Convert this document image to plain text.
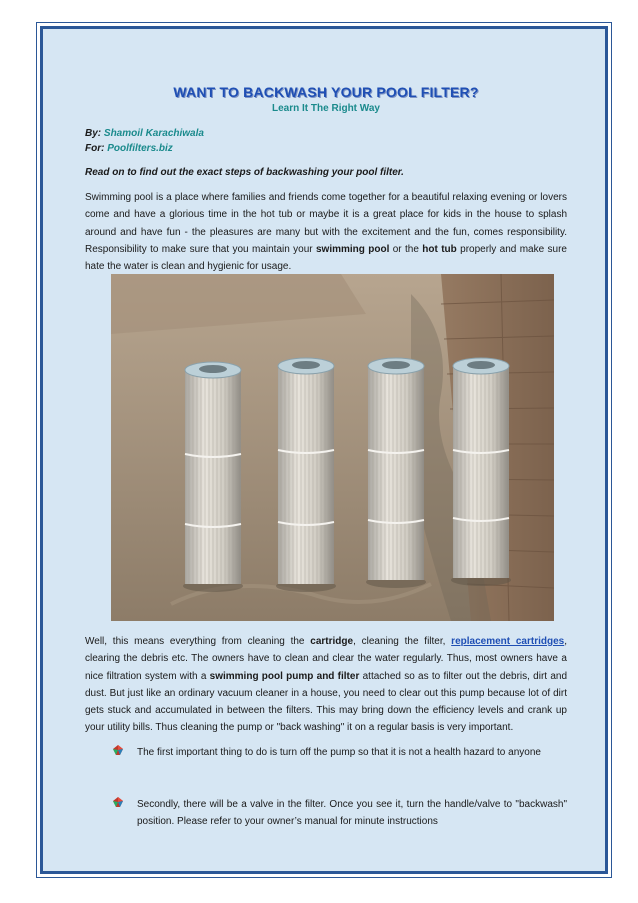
WANT TO BACKWASH YOUR POOL FILTER?
Learn It The Right Way
By: Shamoil Karachiwala
For: Poolfilters.biz
Read on to find out the exact steps of backwashing your pool filter.

Swimming pool is a place where families and friends come together for a beautiful relaxing evening or lovers come and have a glorious time in the hot tub or maybe it is a great place for kids in the house to splash around and have fun - the pleasures are many but with the excitement and the fun, comes responsibility. Responsibility to make sure that you maintain your swimming pool or the hot tub properly and make sure hate the water is clean and hygienic for usage.

Well, this means everything from cleaning the cartridge, cleaning the filter, replacement cartridges, clearing the debris etc. The owners have to clean and clear the water regularly. Thus, most owners have a nice filtration system with a swimming pool pump and filter attached so as to filter out the debris, dirt and dust. But just like an ordinary vacuum cleaner in a house, you need to clear out this pump because lot of dirt gets stuck and accumulated in between the filters. This may bring down the efficiency levels and crank up your utility bills. Thus cleaning the pump or "back washing" it on a regular basis is very important.

The first important thing to do is turn off the pump so that it is not a health hazard to anyone
Secondly, there will be a valve in the filter. Once you see it, turn the handle/valve to "backwash" position. Please refer to your owner’s manual for minute instructions
